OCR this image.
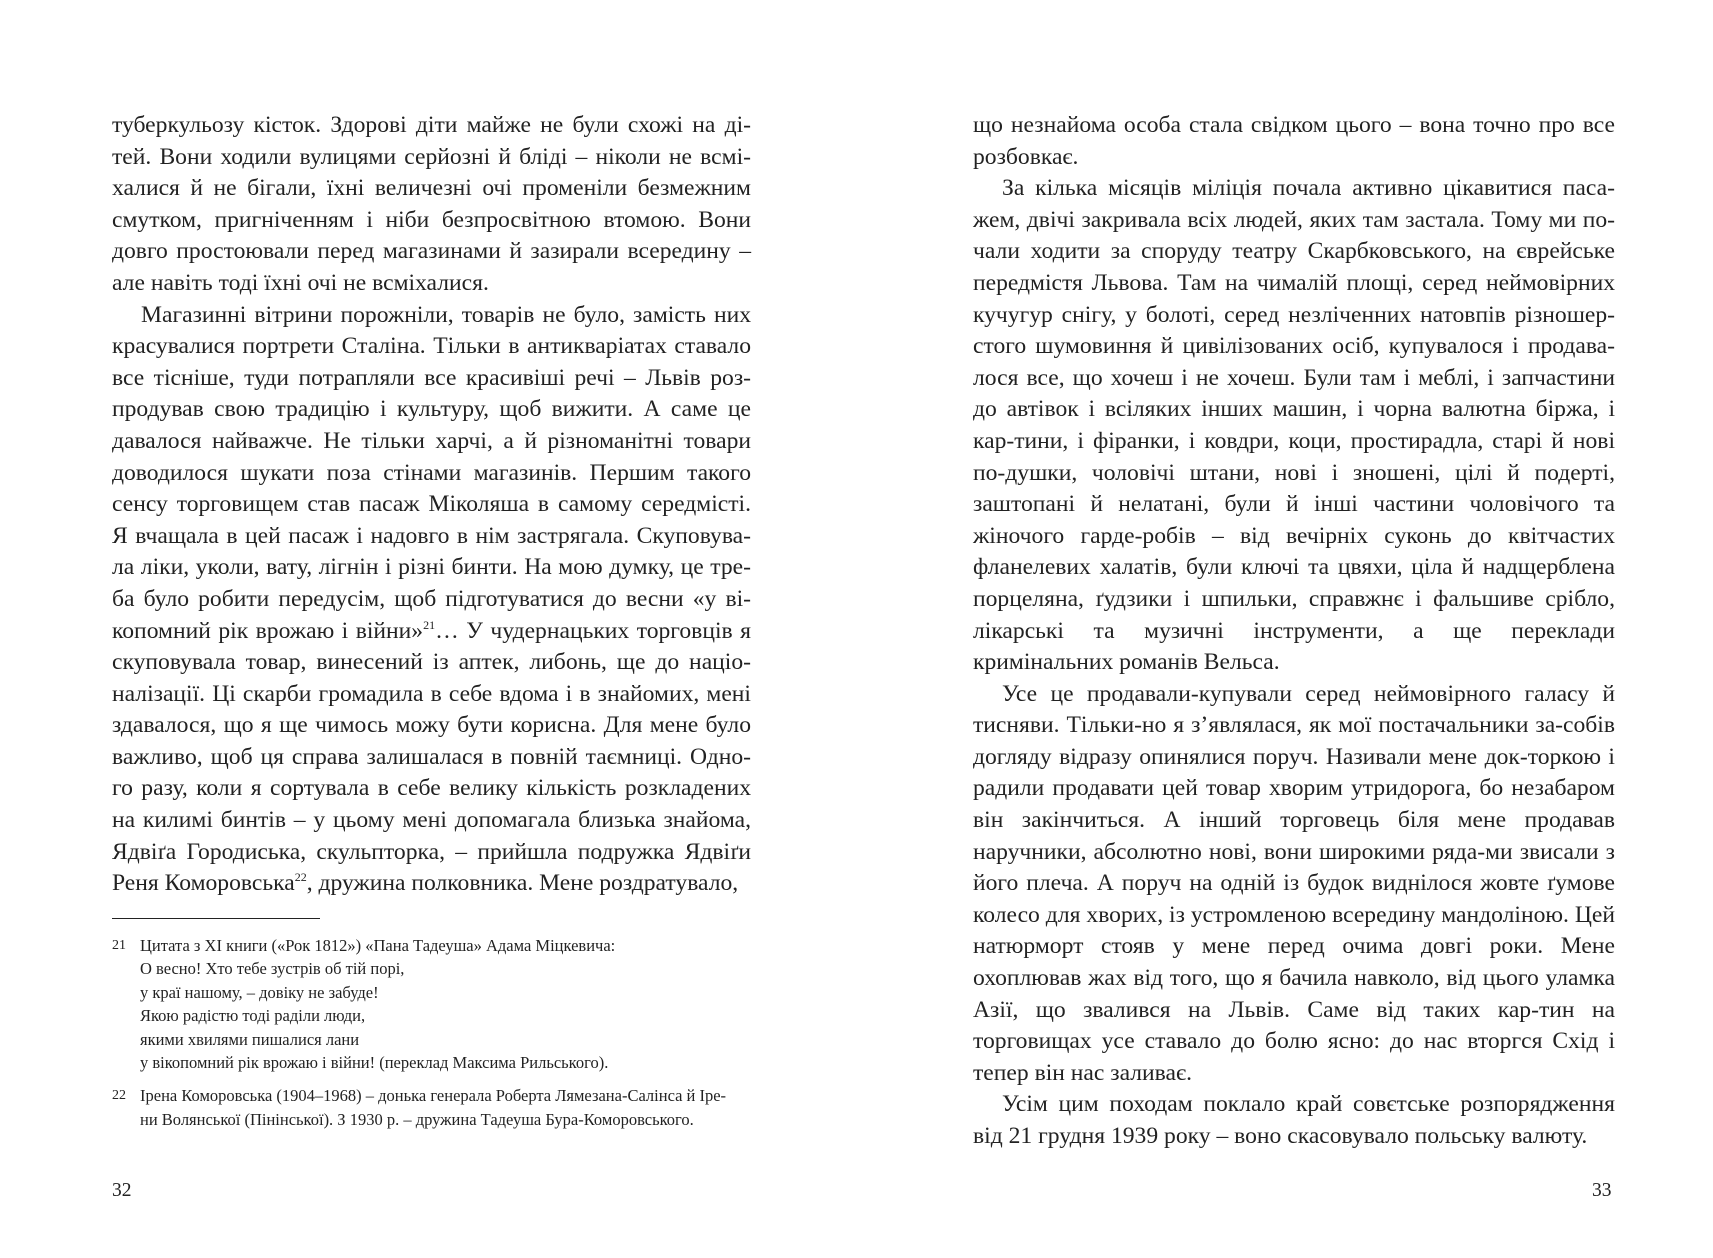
туберкульозу кісток. Здорові діти майже не були схожі на ді-тей. Вони ходили вулицями серйозні й бліді – ніколи не всмі-халися й не бігали, їхні величезні очі променіли безмежним смутком, пригніченням і ніби безпросвітною втомою. Вони довго простоювали перед магазинами й зазирали всередину – але навіть тоді їхні очі не всміхалися.

Магазинні вітрини порожніли, товарів не було, замість них красувалися портрети Сталіна. Тільки в антикваріатах ставало все тісніше, туди потрапляли все красивіші речі – Львів роз-продував свою традицію і культуру, щоб вижити. А саме це давалося найважче. Не тільки харчі, а й різноманітні товари доводилося шукати поза стінами магазинів. Першим такого сенсу торговищем став пасаж Міколяша в самому середмісті. Я вчащала в цей пасаж і надовго в нім застрягала. Скуповува-ла ліки, уколи, вату, лігнін і різні бинти. На мою думку, це тре-ба було робити передусім, щоб підготуватися до весни «у ві-копомний рік врожаю і війни»$^{21}$… У чудернацьких торговців я скуповувала товар, винесений із аптек, либонь, ще до націо-налізації. Ці скарби громадила в себе вдома і в знайомих, мені здавалося, що я ще чимось можу бути корисна. Для мене було важливо, щоб ця справа залишалася в повній таємниці. Одно-го разу, коли я сортувала в себе велику кількість розкладених на килимі бинтів – у цьому мені допомагала близька знайома, Ядвіґа Городиська, скульпторка, – прийшла подружка Ядвіґи Реня Коморовська$^{22}$, дружина полковника. Мене роздратувало,

21 Цитата з XI книги («Рок 1812») «Пана Тадеуша» Адама Міцкевича:
О весно! Хто тебе зустрів об тій порі,
у краї нашому, – довіку не забуде!
Якою радістю тоді раділи люди,
якими хвилями пишалися лани
у вікопомний рік врожаю і війни! (переклад Максима Рильського).
22 Ірена Коморовська (1904–1968) – донька генерала Роберта Лямезана-Салінса й Іре-
ни Волянської (Пінінської). З 1930 р. – дружина Тадеуша Бура-Коморовського.
32

що незнайома особа стала свідком цього – вона точно про все розбовкає.

За кілька місяців міліція почала активно цікавитися паса-жем, двічі закривала всіх людей, яких там застала. Тому ми по-чали ходити за споруду театру Скарбковського, на єврейське передмістя Львова. Там на чималій площі, серед неймовірних кучугур снігу, у болоті, серед незліченних натовпів різношер-стого шумовиння й цивілізованих осіб, купувалося і продава-лося все, що хочеш і не хочеш. Були там і меблі, і запчастини до автівок і всіляких інших машин, і чорна валютна біржа, і кар-тини, і фіранки, і ковдри, коци, простирадла, старі й нові по-душки, чоловічі штани, нові і зношені, цілі й подерті, заштопані й нелатані, були й інші частини чоловічого та жіночого гарде-робів – від вечірніх суконь до квітчастих фланелевих халатів, були ключі та цвяхи, ціла й надщерблена порцеляна, ґудзики і шпильки, справжнє і фальшиве срібло, лікарські та музичні інструменти, а ще переклади кримінальних романів Вельса.

Усе це продавали-купували серед неймовірного галасу й тисняви. Тільки-но я з’являлася, як мої постачальники за-собів догляду відразу опинялися поруч. Називали мене док-торкою і радили продавати цей товар хворим утридорога, бо незабаром він закінчиться. А інший торговець біля мене продавав наручники, абсолютно нові, вони широкими ряда-ми звисали з його плеча. А поруч на одній із будок виднілося жовте ґумове колесо для хворих, із устромленою всередину мандоліною. Цей натюрморт стояв у мене перед очима довгі роки. Мене охоплював жах від того, що я бачила навколо, від цього уламка Азії, що звалився на Львів. Саме від таких кар-тин на торговищах усе ставало до болю ясно: до нас вторгся Схід і тепер він нас заливає.

Усім цим походам поклало край совєтське розпорядження від 21 грудня 1939 року – воно скасовувало польську валюту.

33
